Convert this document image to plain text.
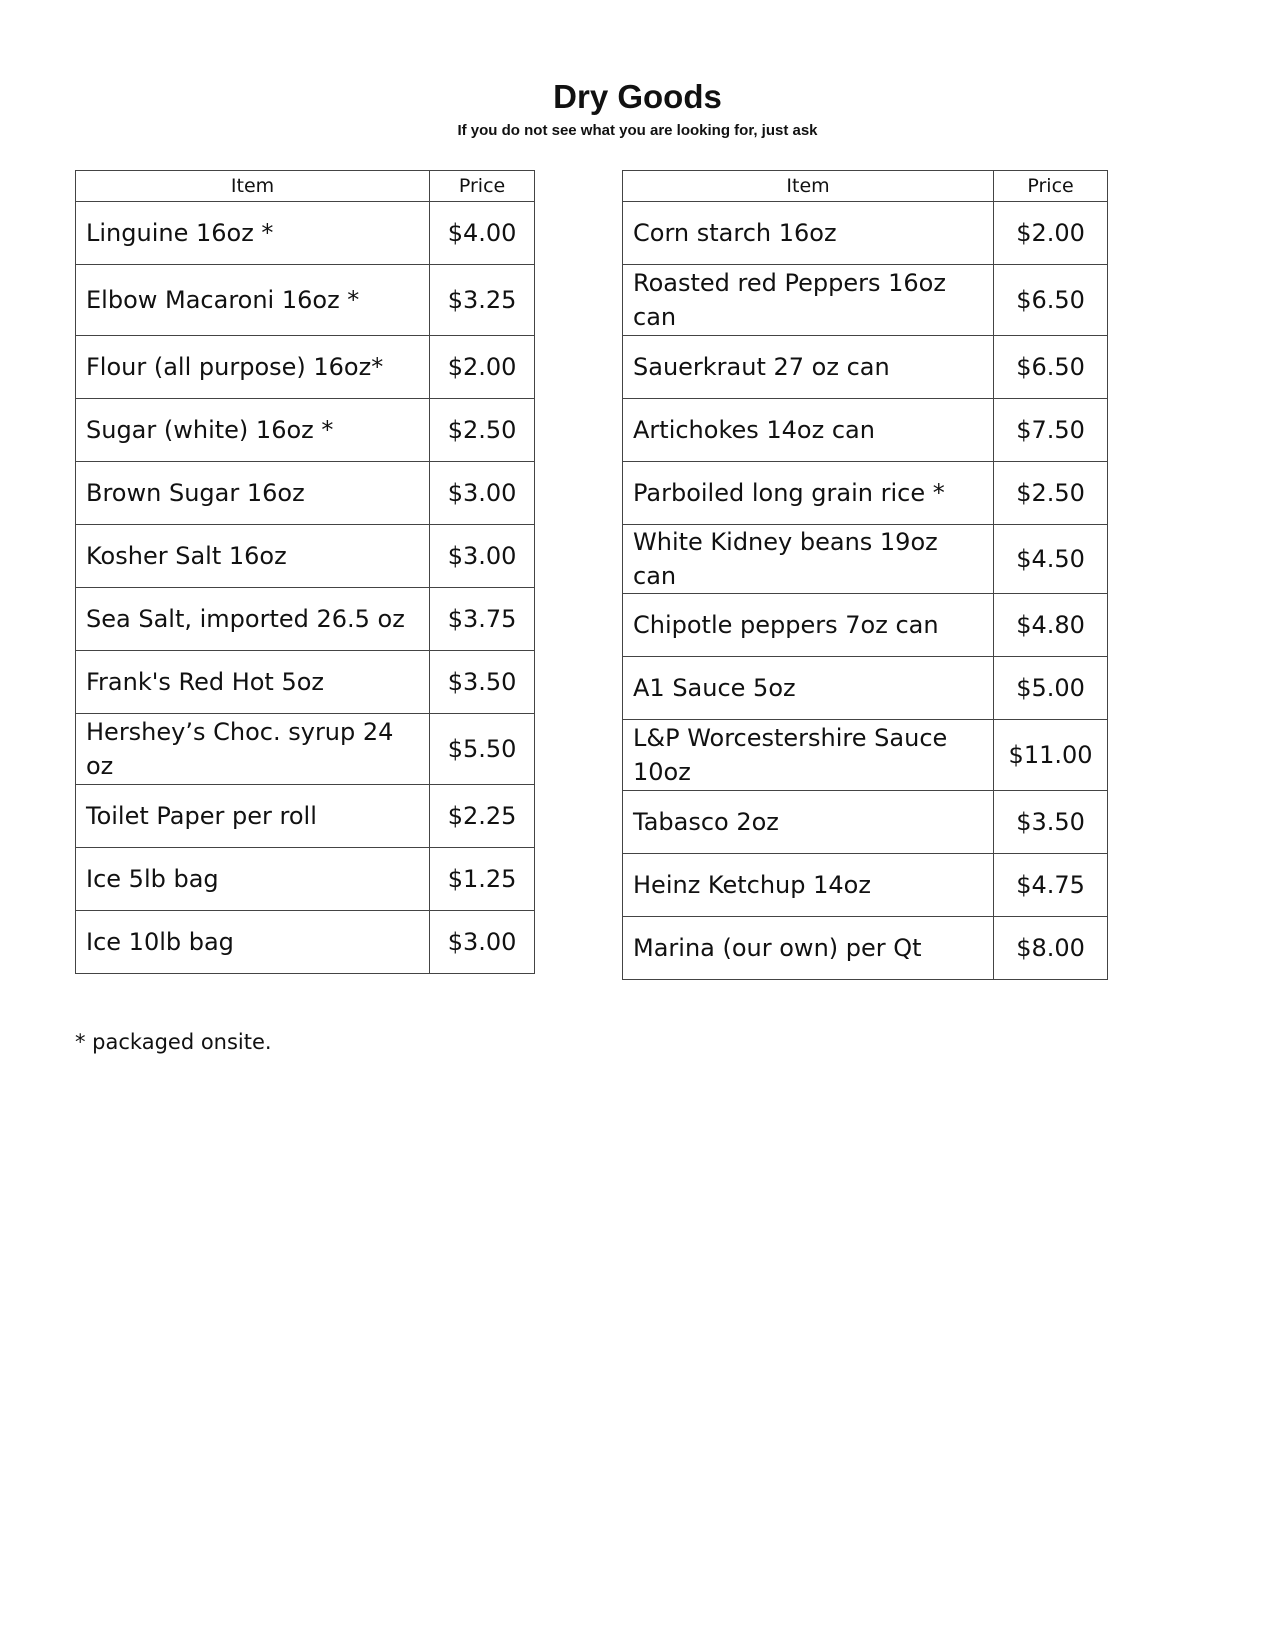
Dry Goods
If you do not see what you are looking for, just ask
Item	Price
Linguine 16oz *	$4.00
Elbow Macaroni 16oz *	$3.25
Flour (all purpose) 16oz*	$2.00
Sugar (white) 16oz *	$2.50
Brown Sugar 16oz	$3.00
Kosher Salt 16oz	$3.00
Sea Salt, imported 26.5 oz	$3.75
Frank's Red Hot 5oz	$3.50
Hershey’s Choc. syrup 24 oz	$5.50
Toilet Paper per roll	$2.25
Ice 5lb bag	$1.25
Ice 10lb bag	$3.00
Item	Price
Corn starch 16oz	$2.00
Roasted red Peppers 16oz can	$6.50
Sauerkraut 27 oz can	$6.50
Artichokes 14oz can	$7.50
Parboiled long grain rice *	$2.50
White Kidney beans 19oz can	$4.50
Chipotle peppers 7oz can	$4.80
A1 Sauce 5oz	$5.00
L&P Worcestershire Sauce 10oz	$11.00
Tabasco 2oz	$3.50
Heinz Ketchup 14oz	$4.75
Marina (our own) per Qt	$8.00
* packaged onsite.
